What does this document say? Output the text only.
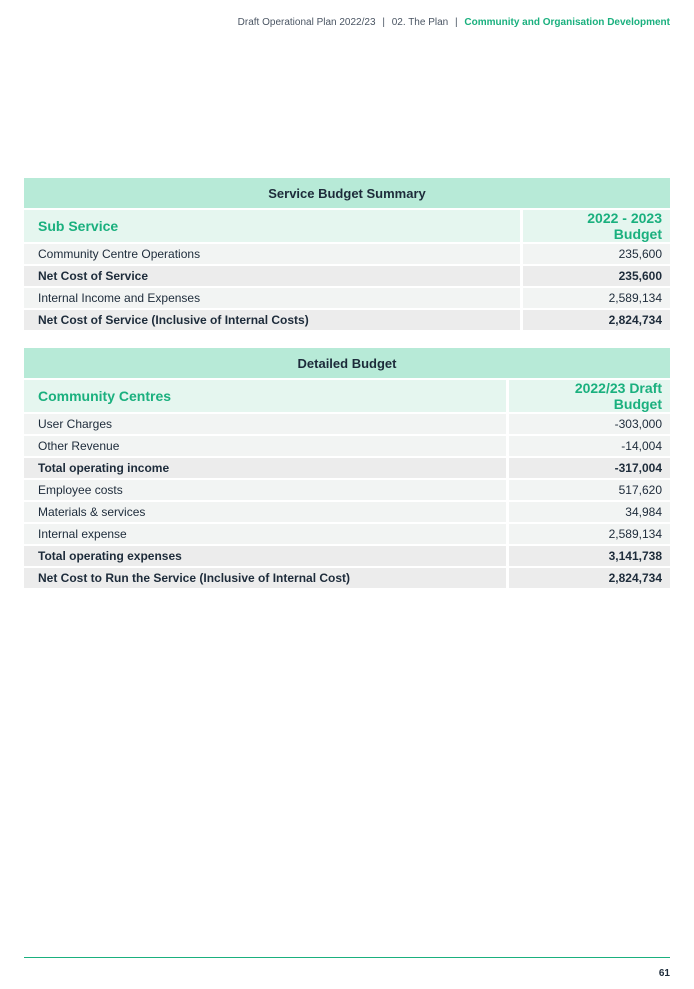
Draft Operational Plan 2022/23 | 02. The Plan | Community and Organisation Development
Service Budget Summary		
Sub Service		2022 - 2023 Budget
Community Centre Operations		235,600
Net Cost of Service		235,600
Internal Income and Expenses		2,589,134
Net Cost of Service (Inclusive of Internal Costs)		2,824,734
Detailed Budget		
Community Centres		2022/23 Draft Budget
User Charges		-303,000
Other Revenue		-14,004
Total operating income		-317,004
Employee costs		517,620
Materials & services		34,984
Internal expense		2,589,134
Total operating expenses		3,141,738
Net Cost to Run the Service (Inclusive of Internal Cost)		2,824,734
61
